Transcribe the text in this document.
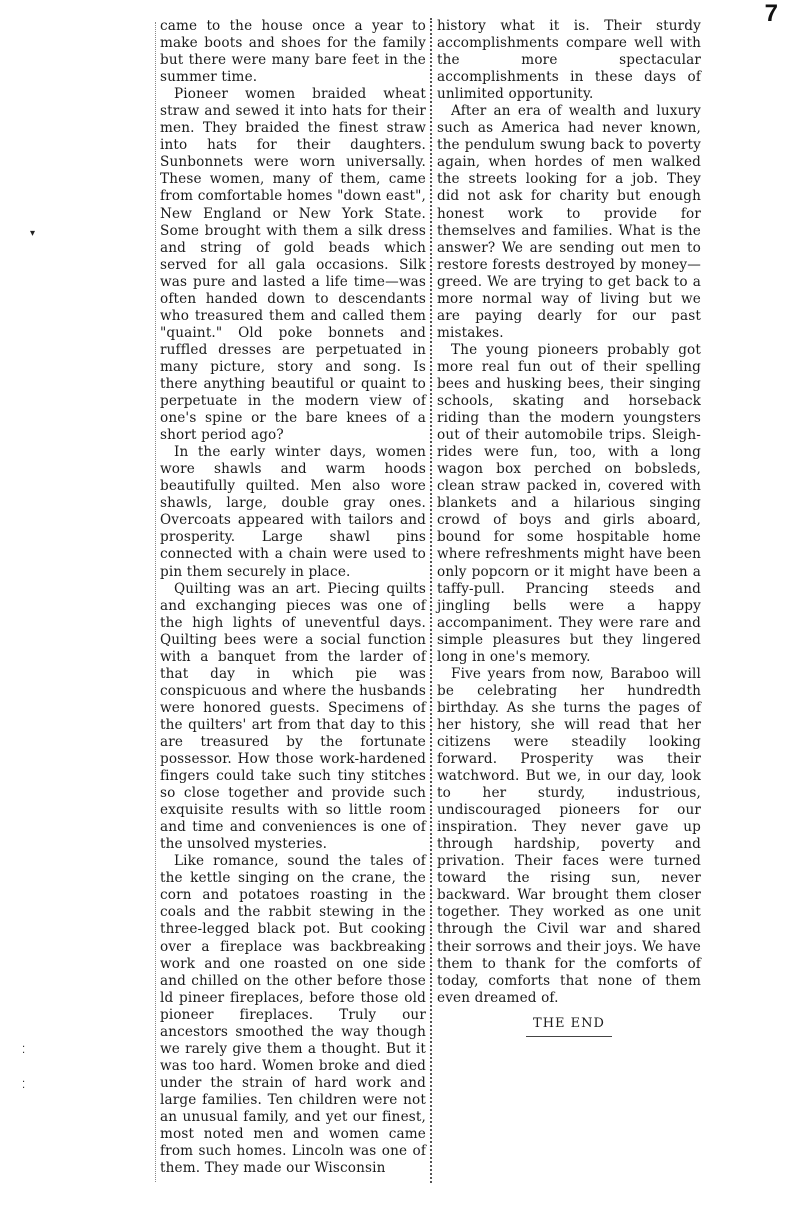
7

came to the house once a year to make boots and shoes for the family but there were many bare feet in the summer time.

Pioneer women braided wheat straw and sewed it into hats for their men. They braided the finest straw into hats for their daughters. Sunbonnets were worn universally. These women, many of them, came from comfortable homes "down east", New England or New York State. Some brought with them a silk dress and string of gold beads which served for all gala occasions. Silk was pure and lasted a life time—was often handed down to descendants who treasured them and called them "quaint." Old poke bonnets and ruffled dresses are perpetuated in many picture, story and song. Is there anything beautiful or quaint to perpetuate in the modern view of one's spine or the bare knees of a short period ago?

In the early winter days, women wore shawls and warm hoods beautifully quilted. Men also wore shawls, large, double gray ones. Overcoats appeared with tailors and prosperity. Large shawl pins connected with a chain were used to pin them securely in place.

Quilting was an art. Piecing quilts and exchanging pieces was one of the high lights of uneventful days. Quilting bees were a social function with a banquet from the larder of that day in which pie was conspicuous and where the husbands were honored guests. Specimens of the quilters' art from that day to this are treasured by the fortunate possessor. How those work-hardened fingers could take such tiny stitches so close together and provide such exquisite results with so little room and time and conveniences is one of the unsolved mysteries.

Like romance, sound the tales of the kettle singing on the crane, the corn and potatoes roasting in the coals and the rabbit stewing in the three-legged black pot. But cooking over a fireplace was backbreaking work and one roasted on one side and chilled on the other before those ld pineer fireplaces, before those old pioneer fireplaces. Truly our ancestors smoothed the way though we rarely give them a thought. But it was too hard. Women broke and died under the strain of hard work and large families. Ten children were not an unusual family, and yet our finest, most noted men and women came from such homes. Lincoln was one of them. They made our Wisconsin

history what it is. Their sturdy accomplishments compare well with the more spectacular accomplishments in these days of unlimited opportunity.

After an era of wealth and luxury such as America had never known, the pendulum swung back to poverty again, when hordes of men walked the streets looking for a job. They did not ask for charity but enough honest work to provide for themselves and families. What is the answer? We are sending out men to restore forests destroyed by money—greed. We are trying to get back to a more normal way of living but we are paying dearly for our past mistakes.

The young pioneers probably got more real fun out of their spelling bees and husking bees, their singing schools, skating and horseback riding than the modern youngsters out of their automobile trips. Sleigh-rides were fun, too, with a long wagon box perched on bobsleds, clean straw packed in, covered with blankets and a hilarious singing crowd of boys and girls aboard, bound for some hospitable home where refreshments might have been only popcorn or it might have been a taffy-pull. Prancing steeds and jingling bells were a happy accompaniment. They were rare and simple pleasures but they lingered long in one's memory.

Five years from now, Baraboo will be celebrating her hundredth birthday. As she turns the pages of her history, she will read that her citizens were steadily looking forward. Prosperity was their watchword. But we, in our day, look to her sturdy, industrious, undiscouraged pioneers for our inspiration. They never gave up through hardship, poverty and privation. Their faces were turned toward the rising sun, never backward. War brought them closer together. They worked as one unit through the Civil war and shared their sorrows and their joys. We have them to thank for the comforts of today, comforts that none of them even dreamed of.

THE END
▾
⁚
⁚
